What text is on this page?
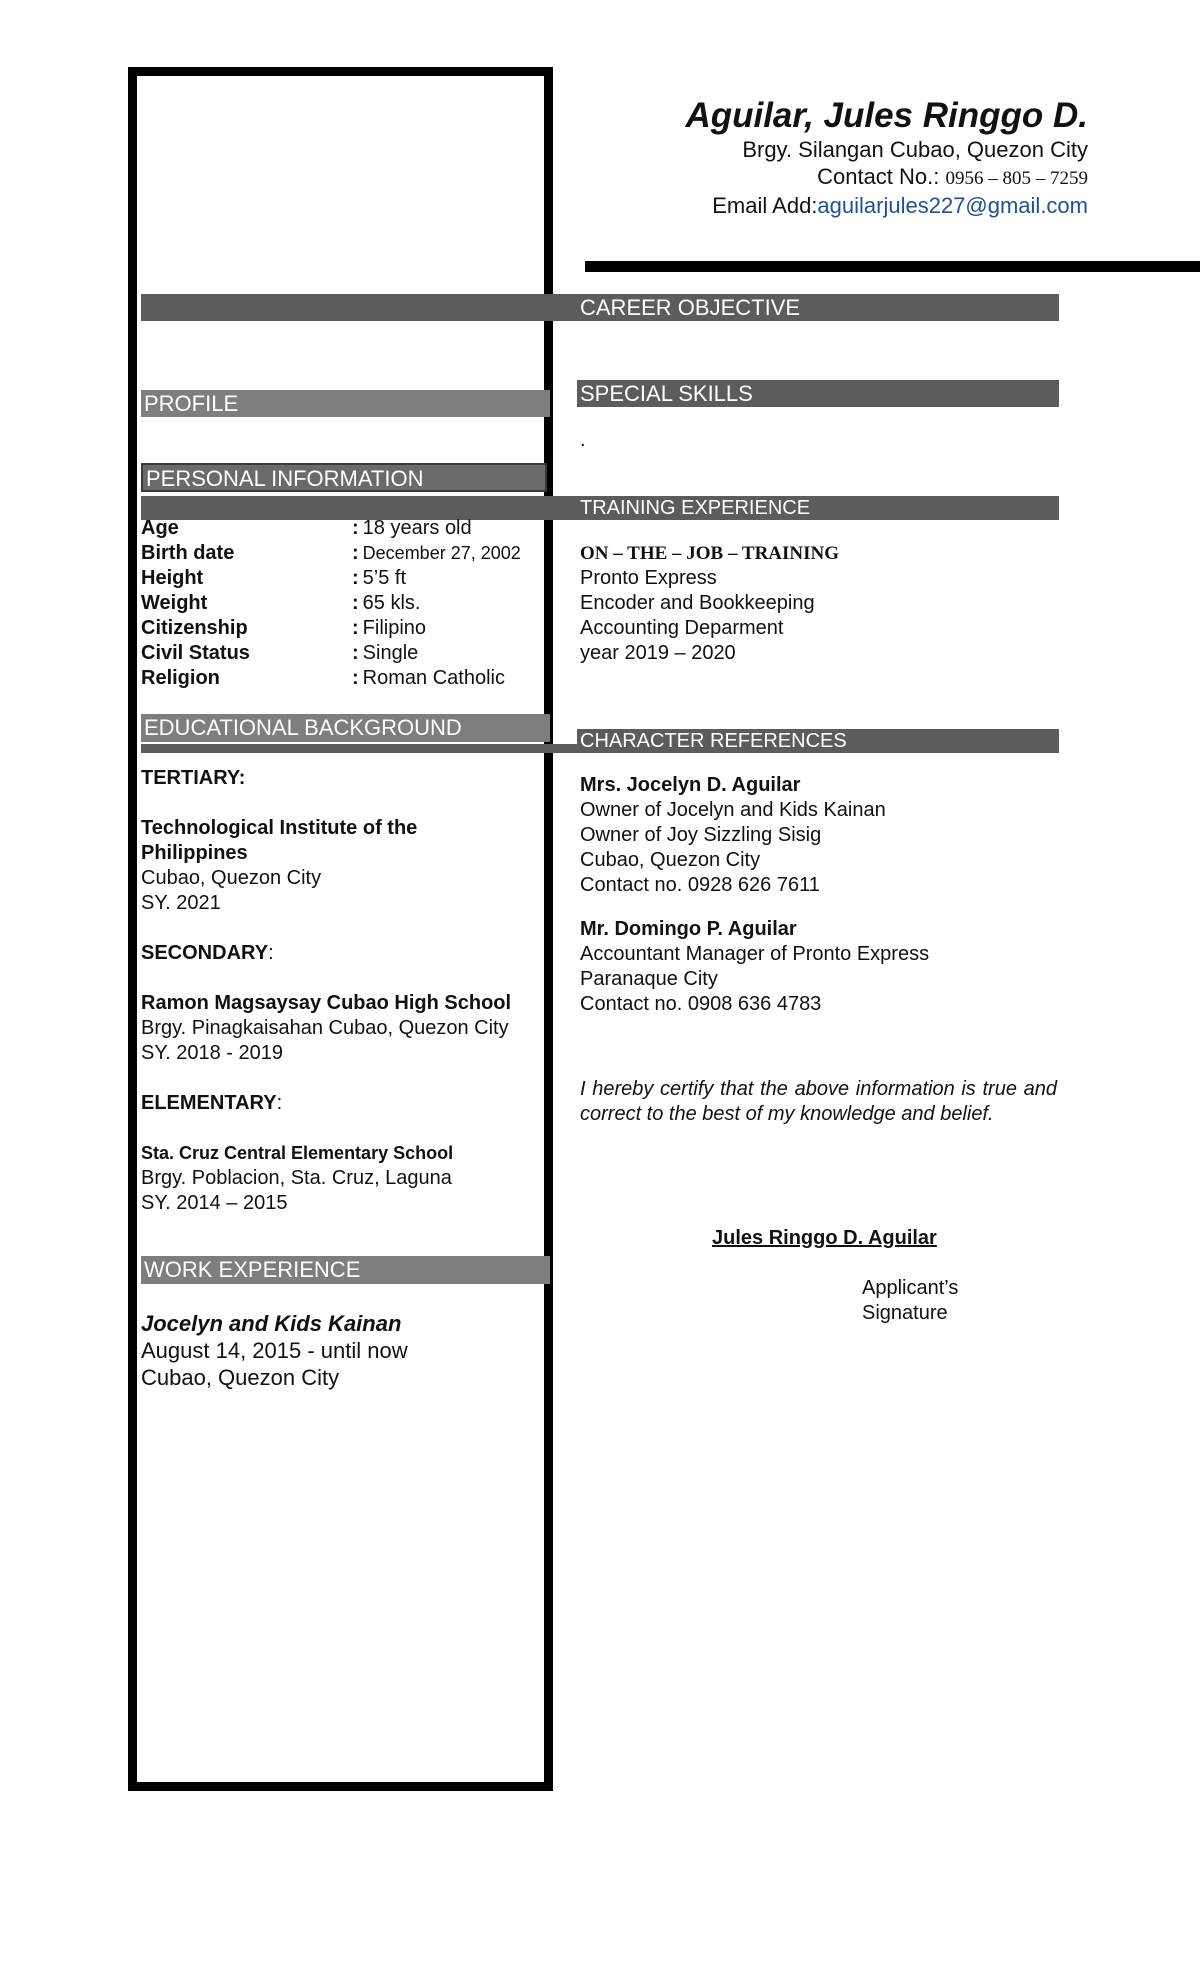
Aguilar, Jules Ringgo D.
Brgy. Silangan Cubao, Quezon City
Contact No.: 0956 – 805 – 7259
Email Add:aguilarjules227@gmail.com
CAREER OBJECTIVE
PROFILE	SPECIAL SKILLS
.
PERSONAL INFORMATION
TRAINING EXPERIENCE
Age	: 18 years old
Birth date	: December 27, 2002
Height	: 5’5 ft
Weight	: 65 kls.
Citizenship	: Filipino
Civil Status	: Single
Religion	: Roman Catholic
ON – THE – JOB – TRAINING
Pronto Express
Encoder and Bookkeeping
Accounting Deparment
year 2019 – 2020
EDUCATIONAL BACKGROUND
CHARACTER REFERENCES
TERTIARY:
Technological Institute of the
Philippines
Cubao, Quezon City
SY. 2021
SECONDARY:
Ramon Magsaysay Cubao High School
Brgy. Pinagkaisahan Cubao, Quezon City
SY. 2018 - 2019
ELEMENTARY:
Sta. Cruz Central Elementary School
Brgy. Poblacion, Sta. Cruz, Laguna
SY. 2014 – 2015
Mrs. Jocelyn D. Aguilar
Owner of Jocelyn and Kids Kainan
Owner of Joy Sizzling Sisig
Cubao, Quezon City
Contact no. 0928 626 7611
Mr. Domingo P. Aguilar
Accountant Manager of Pronto Express
Paranaque City
Contact no. 0908 636 4783
I hereby certify that the above information is true and correct to the best of my knowledge and belief.
Jules Ringgo D. Aguilar
Applicant’s
Signature
WORK EXPERIENCE
Jocelyn and Kids Kainan
August 14, 2015 - until now
Cubao, Quezon City
